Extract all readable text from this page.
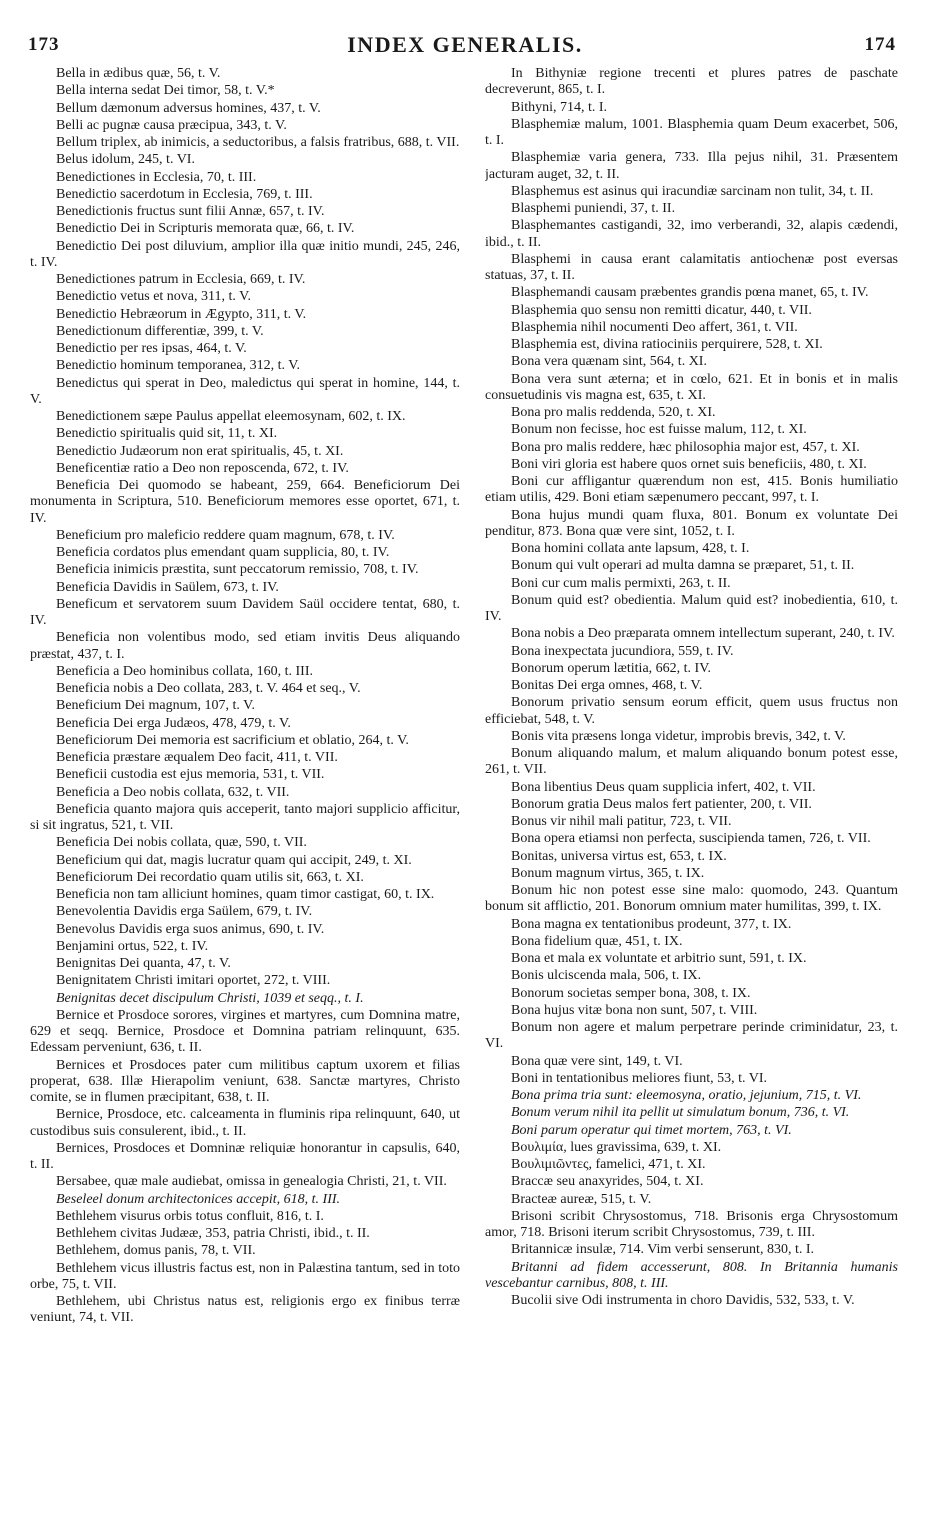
173	INDEX GENERALIS.	174

Bella in ædibus quæ, 56, t. V.

Bella interna sedat Dei timor, 58, t. V.*

Bellum dæmonum adversus homines, 437, t. V.

Belli ac pugnæ causa præcipua, 343, t. V.

Bellum triplex, ab inimicis, a seductoribus, a falsis fratribus, 688, t. VII.

Belus idolum, 245, t. VI.

Benedictiones in Ecclesia, 70, t. III.

Benedictio sacerdotum in Ecclesia, 769, t. III.

Benedictionis fructus sunt filii Annæ, 657, t. IV.

Benedictio Dei in Scripturis memorata quæ, 66, t. IV.

Benedictio Dei post diluvium, amplior illa quæ initio mundi, 245, 246, t. IV.

Benedictiones patrum in Ecclesia, 669, t. IV.

Benedictio vetus et nova, 311, t. V.

Benedictio Hebræorum in Ægypto, 311, t. V.

Benedictionum differentiæ, 399, t. V.

Benedictio per res ipsas, 464, t. V.

Benedictio hominum temporanea, 312, t. V.

Benedictus qui sperat in Deo, maledictus qui sperat in homine, 144, t. V.

Benedictionem sæpe Paulus appellat eleemosynam, 602, t. IX.

Benedictio spiritualis quid sit, 11, t. XI.

Benedictio Judæorum non erat spiritualis, 45, t. XI.

Beneficentiæ ratio a Deo non reposcenda, 672, t. IV.

Beneficia Dei quomodo se habeant, 259, 664. Beneficiorum Dei monumenta in Scriptura, 510. Beneficiorum memores esse oportet, 671, t. IV.

Beneficium pro maleficio reddere quam magnum, 678, t. IV.

Beneficia cordatos plus emendant quam supplicia, 80, t. IV.

Beneficia inimicis præstita, sunt peccatorum remissio, 708, t. IV.

Beneficia Davidis in Saülem, 673, t. IV.

Beneficum et servatorem suum Davidem Saül occidere tentat, 680, t. IV.

Beneficia non volentibus modo, sed etiam invitis Deus aliquando præstat, 437, t. I.

Beneficia a Deo hominibus collata, 160, t. III.

Beneficia nobis a Deo collata, 283, t. V. 464 et seq., V.

Beneficium Dei magnum, 107, t. V.

Beneficia Dei erga Judæos, 478, 479, t. V.

Beneficiorum Dei memoria est sacrificium et oblatio, 264, t. V.

Beneficia præstare æqualem Deo facit, 411, t. VII.

Beneficii custodia est ejus memoria, 531, t. VII.

Beneficia a Deo nobis collata, 632, t. VII.

Beneficia quanto majora quis acceperit, tanto majori supplicio afficitur, si sit ingratus, 521, t. VII.

Beneficia Dei nobis collata, quæ, 590, t. VII.

Beneficium qui dat, magis lucratur quam qui accipit, 249, t. XI.

Beneficiorum Dei recordatio quam utilis sit, 663, t. XI.

Beneficia non tam alliciunt homines, quam timor castigat, 60, t. IX.

Benevolentia Davidis erga Saülem, 679, t. IV.

Benevolus Davidis erga suos animus, 690, t. IV.

Benjamini ortus, 522, t. IV.

Benignitas Dei quanta, 47, t. V.

Benignitatem Christi imitari oportet, 272, t. VIII.

Benignitas decet discipulum Christi, 1039 et seqq., t. I.

Bernice et Prosdoce sorores, virgines et martyres, cum Domnina matre, 629 et seqq. Bernice, Prosdoce et Domnina patriam relinquunt, 635. Edessam perveniunt, 636, t. II.

Bernices et Prosdoces pater cum militibus captum uxorem et filias properat, 638. Illæ Hierapolim veniunt, 638. Sanctæ martyres, Christo comite, se in flumen præcipitant, 638, t. II.

Bernice, Prosdoce, etc. calceamenta in fluminis ripa relinquunt, 640, ut custodibus suis consulerent, ibid., t. II.

Bernices, Prosdoces et Domninæ reliquiæ honorantur in capsulis, 640, t. II.

Bersabee, quæ male audiebat, omissa in genealogia Christi, 21, t. VII.

Beseleel donum architectonices accepit, 618, t. III.

Bethlehem visurus orbis totus confluit, 816, t. I.

Bethlehem civitas Judææ, 353, patria Christi, ibid., t. II.

Bethlehem, domus panis, 78, t. VII.

Bethlehem vicus illustris factus est, non in Palæstina tantum, sed in toto orbe, 75, t. VII.

Bethlehem, ubi Christus natus est, religionis ergo ex finibus terræ veniunt, 74, t. VII.

In Bithyniæ regione trecenti et plures patres de paschate decreverunt, 865, t. I.

Bithyni, 714, t. I.

Blasphemiæ malum, 1001. Blasphemia quam Deum exacerbet, 506, t. I.

Blasphemiæ varia genera, 733. Illa pejus nihil, 31. Præsentem jacturam auget, 32, t. II.

Blasphemus est asinus qui iracundiæ sarcinam non tulit, 34, t. II.

Blasphemi puniendi, 37, t. II.

Blasphemantes castigandi, 32, imo verberandi, 32, alapis cædendi, ibid., t. II.

Blasphemi in causa erant calamitatis antiochenæ post eversas statuas, 37, t. II.

Blasphemandi causam præbentes grandis pœna manet, 65, t. IV.

Blasphemia quo sensu non remitti dicatur, 440, t. VII.

Blasphemia nihil nocumenti Deo affert, 361, t. VII.

Blasphemia est, divina ratiociniis perquirere, 528, t. XI.

Bona vera quænam sint, 564, t. XI.

Bona vera sunt æterna; et in cœlo, 621. Et in bonis et in malis consuetudinis vis magna est, 635, t. XI.

Bona pro malis reddenda, 520, t. XI.

Bonum non fecisse, hoc est fuisse malum, 112, t. XI.

Bona pro malis reddere, hæc philosophia major est, 457, t. XI.

Boni viri gloria est habere quos ornet suis beneficiis, 480, t. XI.

Boni cur affligantur quærendum non est, 415. Bonis humiliatio etiam utilis, 429. Boni etiam sæpenumero peccant, 997, t. I.

Bona hujus mundi quam fluxa, 801. Bonum ex voluntate Dei penditur, 873. Bona quæ vere sint, 1052, t. I.

Bona homini collata ante lapsum, 428, t. I.

Bonum qui vult operari ad multa damna se præparet, 51, t. II.

Boni cur cum malis permixti, 263, t. II.

Bonum quid est? obedientia. Malum quid est? inobedientia, 610, t. IV.

Bona nobis a Deo præparata omnem intellectum superant, 240, t. IV.

Bona inexpectata jucundiora, 559, t. IV.

Bonorum operum lætitia, 662, t. IV.

Bonitas Dei erga omnes, 468, t. V.

Bonorum privatio sensum eorum efficit, quem usus fructus non efficiebat, 548, t. V.

Bonis vita præsens longa videtur, improbis brevis, 342, t. V.

Bonum aliquando malum, et malum aliquando bonum potest esse, 261, t. VII.

Bona libentius Deus quam supplicia infert, 402, t. VII.

Bonorum gratia Deus malos fert patienter, 200, t. VII.

Bonus vir nihil mali patitur, 723, t. VII.

Bona opera etiamsi non perfecta, suscipienda tamen, 726, t. VII.

Bonitas, universa virtus est, 653, t. IX.

Bonum magnum virtus, 365, t. IX.

Bonum hic non potest esse sine malo: quomodo, 243. Quantum bonum sit afflictio, 201. Bonorum omnium mater humilitas, 399, t. IX.

Bona magna ex tentationibus prodeunt, 377, t. IX.

Bona fidelium quæ, 451, t. IX.

Bona et mala ex voluntate et arbitrio sunt, 591, t. IX.

Bonis ulciscenda mala, 506, t. IX.

Bonorum societas semper bona, 308, t. IX.

Bona hujus vitæ bona non sunt, 507, t. VIII.

Bonum non agere et malum perpetrare perinde criminidatur, 23, t. VI.

Bona quæ vere sint, 149, t. VI.

Boni in tentationibus meliores fiunt, 53, t. VI.

Bona prima tria sunt: eleemosyna, oratio, jejunium, 715, t. VI.

Bonum verum nihil ita pellit ut simulatum bonum, 736, t. VI.

Boni parum operatur qui timet mortem, 763, t. VI.

Βουλιμία, lues gravissima, 639, t. XI.

Βουλιμιῶντες, famelici, 471, t. XI.

Braccæ seu anaxyrides, 504, t. XI.

Bracteæ aureæ, 515, t. V.

Brisoni scribit Chrysostomus, 718. Brisonis erga Chrysostomum amor, 718. Brisoni iterum scribit Chrysostomus, 739, t. III.

Britannicæ insulæ, 714. Vim verbi senserunt, 830, t. I.

Britanni ad fidem accesserunt, 808. In Britannia humanis vescebantur carnibus, 808, t. III.

Bucolii sive Odi instrumenta in choro Davidis, 532, 533, t. V.
